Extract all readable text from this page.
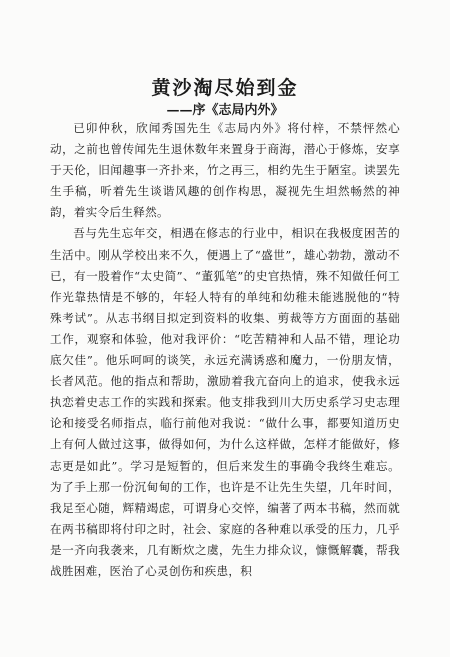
黄沙淘尽始到金
——序《志局内外》

已卯仲秋，欣闻秀国先生《志局内外》将付梓，不禁怦然心动，之前也曾传闻先生退休数年来置身于商海，潜心于修炼，安享于天伦，旧闻趣事一齐扑来，竹之再三，相约先生于陋室。读罢先生手稿，听着先生谈谐风趣的创作构思，凝视先生坦然畅然的神韵，着实令后生释然。

吾与先生忘年交，相遇在修志的行业中，相识在我极度困苦的生活中。刚从学校出来不久，便遇上了“盛世”，雄心勃勃，激动不已，有一股着作“太史简”、“董狐笔”的史官热情，殊不知做任何工作光靠热情是不够的，年轻人特有的单纯和幼稚未能逃脱他的“特殊考试”。从志书纲目拟定到资料的收集、剪裁等方方面面的基础工作，观察和体验，他对我评价：“吃苦精神和人品不错，理论功底欠佳”。他乐呵呵的谈笑，永远充满诱惑和魔力，一份朋友情，长者风范。他的指点和帮助，激励着我亢奋向上的追求，使我永远执恋着史志工作的实践和探索。他支排我到川大历史系学习史志理论和接受名师指点，临行前他对我说：“做什么事，都要知道历史上有何人做过这事，做得如何，为什么这样做，怎样才能做好，修志更是如此”。学习是短暂的，但后来发生的事确令我终生难忘。为了手上那一份沉甸甸的工作，也许是不让先生失望，几年时间，我足至心随，辉精竭虑，可谓身心交悴，编著了两本书稿，然而就在两书稿即将付印之时，社会、家庭的各种难以承受的压力，几乎是一齐向我袭来，几有断炊之虞，先生力排众议，慷慨解囊，帮我战胜困难，医治了心灵创伤和疾患，积
